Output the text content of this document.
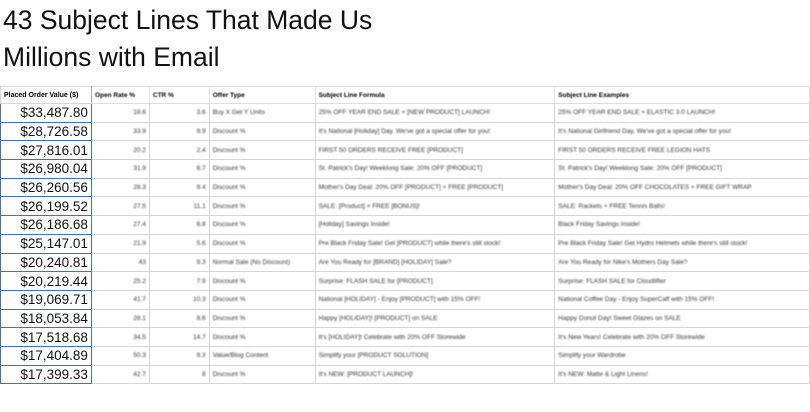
43 Subject Lines That Made Us
Millions with Email
Placed Order Value ($)	Open Rate %	CTR %	Offer Type	Subject Line Formula	Subject Line Examples
$33,487.80	18.6	3.6	Buy X Get Y Units	25% OFF YEAR END SALE + [NEW PRODUCT] LAUNCH!	25% OFF YEAR END SALE + ELASTIC 3.0 LAUNCH!
$28,726.58	33.9	9.9	Discount %	It's National [Holiday] Day. We've got a special offer for you!	It's National Girlfriend Day. We've got a special offer for you!
$27,816.01	20.2	2.4	Discount %	FIRST 50 ORDERS RECEIVE FREE [PRODUCT]	FIRST 50 ORDERS RECEIVE FREE LEGION HATS
$26,980.04	31.9	6.7	Discount %	St. Patrick's Day! Weeklong Sale: 20% OFF [PRODUCT]	St. Patrick's Day! Weeklong Sale: 20% OFF [PRODUCT]
$26,260.56	28.3	9.4	Discount %	Mother's Day Deal: 20% OFF [PRODUCT] + FREE [PRODUCT]	Mother's Day Deal: 20% OFF CHOCOLATES + FREE GIFT WRAP
$26,199.52	27.5	11.1	Discount %	SALE: [Product] + FREE [BONUS]!	SALE: Rackets + FREE Tennis Balls!
$26,186.68	27.4	6.8	Discount %	[Holiday] Savings Inside!	Black Friday Savings Inside!
$25,147.01	21.9	5.6	Discount %	Pre Black Friday Sale! Get [PRODUCT] while there's still stock!	Pre Black Friday Sale! Get Hydro Helmets while there's still stock!
$20,240.81	43	9.3	Normal Sale (No Discount)	Are You Ready for [BRAND] [HOLIDAY] Sale?	Are You Ready for Nike's Mothers Day Sale?
$20,219.44	25.2	7.9	Discount %	Surprise: FLASH SALE for [PRODUCT]	Surprise: FLASH SALE for Cloudlifter
$19,069.71	41.7	10.3	Discount %	National [HOLIDAY] - Enjoy [PRODUCT] with 15% OFF!	National Coffee Day - Enjoy SuperCaff with 15% OFF!
$18,053.84	28.1	8.6	Discount %	Happy [HOLIDAY]! [PRODUCT] on SALE	Happy Donut Day! Sweet Glazes on SALE
$17,518.68	34.5	14.7	Discount %	It's [HOLIDAY]! Celebrate with 20% OFF Storewide	It's New Years! Celebrate with 20% OFF Storewide
$17,404.89	50.3	9.3	Value/Blog Content	Simplify your [PRODUCT SOLUTION]	Simplify your Wardrobe
$17,399.33	42.7	8	Discount %	It's NEW: [PRODUCT LAUNCH]!	It's NEW: Matte & Light Linens!
